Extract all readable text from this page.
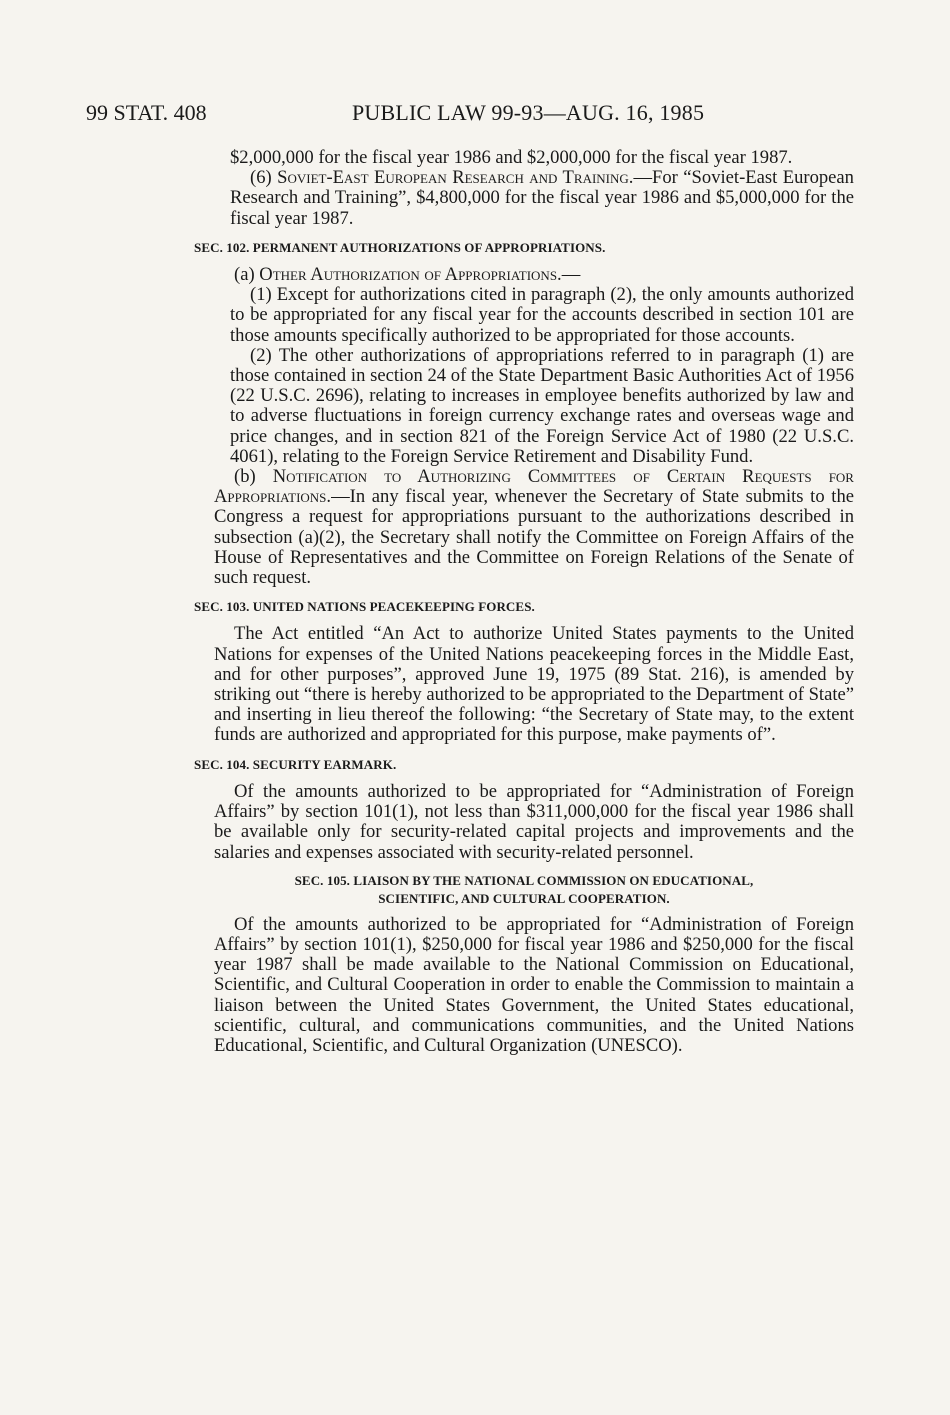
99 STAT. 408	PUBLIC LAW 99-93—AUG. 16, 1985

$2,000,000 for the fiscal year 1986 and $2,000,000 for the fiscal year 1987.

(6) Soviet-East European Research and Training.—For “Soviet-East European Research and Training”, $4,800,000 for the fiscal year 1986 and $5,000,000 for the fiscal year 1987.

SEC. 102. PERMANENT AUTHORIZATIONS OF APPROPRIATIONS.

(a) Other Authorization of Appropriations.—

(1) Except for authorizations cited in paragraph (2), the only amounts authorized to be appropriated for any fiscal year for the accounts described in section 101 are those amounts specifically authorized to be appropriated for those accounts.

(2) The other authorizations of appropriations referred to in paragraph (1) are those contained in section 24 of the State Department Basic Authorities Act of 1956 (22 U.S.C. 2696), relating to increases in employee benefits authorized by law and to adverse fluctuations in foreign currency exchange rates and overseas wage and price changes, and in section 821 of the Foreign Service Act of 1980 (22 U.S.C. 4061), relating to the Foreign Service Retirement and Disability Fund.

(b) Notification to Authorizing Committees of Certain Requests for Appropriations.—In any fiscal year, whenever the Secretary of State submits to the Congress a request for appropriations pursuant to the authorizations described in subsection (a)(2), the Secretary shall notify the Committee on Foreign Affairs of the House of Representatives and the Committee on Foreign Relations of the Senate of such request.

SEC. 103. UNITED NATIONS PEACEKEEPING FORCES.

The Act entitled “An Act to authorize United States payments to the United Nations for expenses of the United Nations peacekeeping forces in the Middle East, and for other purposes”, approved June 19, 1975 (89 Stat. 216), is amended by striking out “there is hereby authorized to be appropriated to the Department of State” and inserting in lieu thereof the following: “the Secretary of State may, to the extent funds are authorized and appropriated for this purpose, make payments of”.

SEC. 104. SECURITY EARMARK.

Of the amounts authorized to be appropriated for “Administration of Foreign Affairs” by section 101(1), not less than $311,000,000 for the fiscal year 1986 shall be available only for security-related capital projects and improvements and the salaries and expenses associated with security-related personnel.

SEC. 105. LIAISON BY THE NATIONAL COMMISSION ON EDUCATIONAL,
SCIENTIFIC, AND CULTURAL COOPERATION.

Of the amounts authorized to be appropriated for “Administration of Foreign Affairs” by section 101(1), $250,000 for fiscal year 1986 and $250,000 for the fiscal year 1987 shall be made available to the National Commission on Educational, Scientific, and Cultural Cooperation in order to enable the Commission to maintain a liaison between the United States Government, the United States educational, scientific, cultural, and communications communities, and the United Nations Educational, Scientific, and Cultural Organization (UNESCO).
